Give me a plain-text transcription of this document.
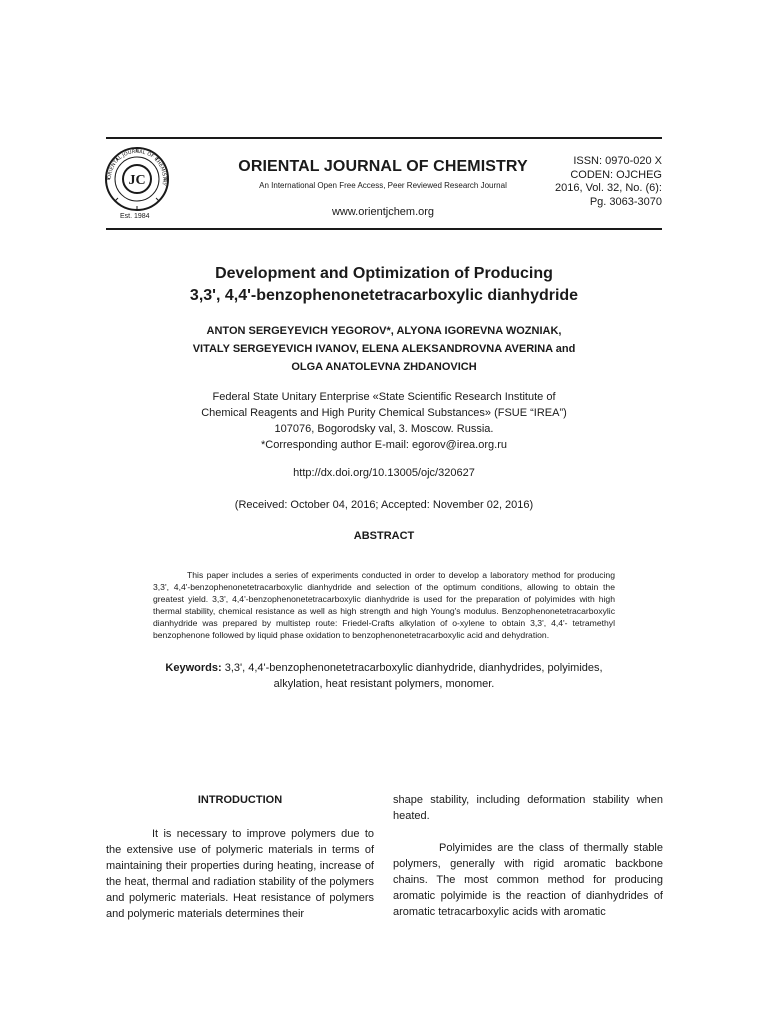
ORIENTAL JOURNAL OF CHEMISTRY
JC
Est. 1984
ORIENTAL JOURNAL OF CHEMISTRY
An International Open Free Access, Peer Reviewed Research Journal
www.orientjchem.org
ISSN: 0970-020 X
CODEN: OJCHEG
2016, Vol. 32, No. (6):
Pg. 3063-3070
Development and Optimization of Producing
3,3', 4,4'-benzophenonetetracarboxylic dianhydride
ANTON SERGEYEVICH YEGOROV*, ALYONA IGOREVNA WOZNIAK,
VITALY SERGEYEVICH IVANOV, ELENA ALEKSANDROVNA AVERINA and
OLGA ANATOLEVNA ZHDANOVICH
Federal State Unitary Enterprise «State Scientific Research Institute of
Chemical Reagents and High Purity Chemical Substances» (FSUE “IREA”)
107076, Bogorodsky val, 3. Moscow. Russia.
*Corresponding author E-mail: egorov@irea.org.ru
http://dx.doi.org/10.13005/ojc/320627
(Received: October 04, 2016; Accepted: November 02, 2016)
ABSTRACT

This paper includes a series of experiments conducted in order to develop a laboratory method for producing 3,3', 4,4'-benzophenonetetracarboxylic dianhydride and selection of the optimum conditions, allowing to obtain the greatest yield. 3,3', 4,4'-benzophenonetetracarboxylic dianhydride is used for the preparation of polyimides with high thermal stability, chemical resistance as well as high strength and high Young's modulus. Benzophenonetetracarboxylic dianhydride was prepared by multistep route: Friedel-Crafts alkylation of o-xylene to obtain 3,3', 4,4'- tetramethyl benzophenone followed by liquid phase oxidation to benzophenonetetracarboxylic acid and dehydration.

Keywords: 3,3', 4,4'-benzophenonetetracarboxylic dianhydride, dianhydrides, polyimides, alkylation, heat resistant polymers, monomer.
INTRODUCTION

It is necessary to improve polymers due to the extensive use of polymeric materials in terms of maintaining their properties during heating, increase of the heat, thermal and radiation stability of the polymers and polymeric materials. Heat resistance of polymers and polymeric materials determines their

shape stability, including deformation stability when heated.

Polyimides are the class of thermally stable polymers, generally with rigid aromatic backbone chains. The most common method for producing aromatic polyimide is the reaction of dianhydrides of aromatic tetracarboxylic acids with aromatic
